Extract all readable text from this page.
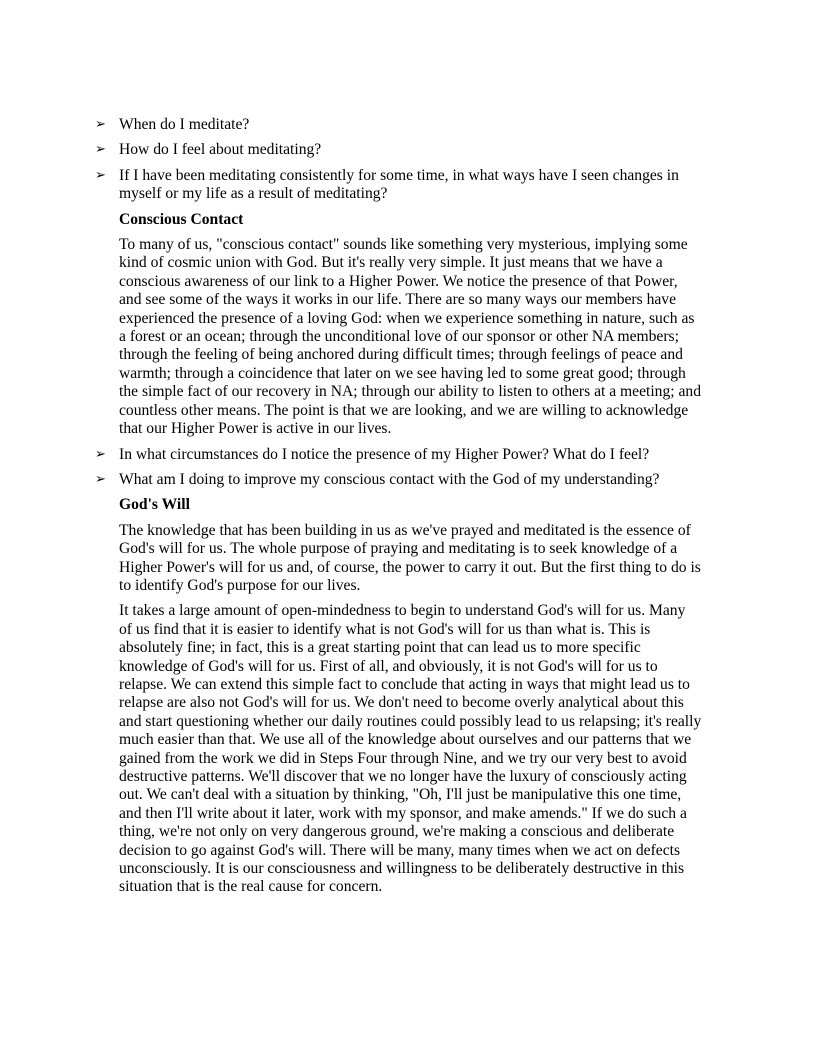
➢ When do I meditate?
➢ How do I feel about meditating?
➢ If I have been meditating consistently for some time, in what ways have I seen changes in myself or my life as a result of meditating?
Conscious Contact
To many of us, "conscious contact" sounds like something very mysterious, implying some kind of cosmic union with God. But it's really very simple. It just means that we have a conscious awareness of our link to a Higher Power. We notice the presence of that Power, and see some of the ways it works in our life. There are so many ways our members have experienced the presence of a loving God: when we experience something in nature, such as a forest or an ocean; through the unconditional love of our sponsor or other NA members; through the feeling of being anchored during difficult times; through feelings of peace and warmth; through a coincidence that later on we see having led to some great good; through the simple fact of our recovery in NA; through our ability to listen to others at a meeting; and countless other means. The point is that we are looking, and we are willing to acknowledge that our Higher Power is active in our lives.
➢ In what circumstances do I notice the presence of my Higher Power? What do I feel?
➢ What am I doing to improve my conscious contact with the God of my understanding?
God's Will
The knowledge that has been building in us as we've prayed and meditated is the essence of God's will for us. The whole purpose of praying and meditating is to seek knowledge of a Higher Power's will for us and, of course, the power to carry it out. But the first thing to do is to identify God's purpose for our lives.
It takes a large amount of open-mindedness to begin to understand God's will for us. Many of us find that it is easier to identify what is not God's will for us than what is. This is absolutely fine; in fact, this is a great starting point that can lead us to more specific knowledge of God's will for us. First of all, and obviously, it is not God's will for us to relapse. We can extend this simple fact to conclude that acting in ways that might lead us to relapse are also not God's will for us. We don't need to become overly analytical about this and start questioning whether our daily routines could possibly lead to us relapsing; it's really much easier than that. We use all of the knowledge about ourselves and our patterns that we gained from the work we did in Steps Four through Nine, and we try our very best to avoid destructive patterns. We'll discover that we no longer have the luxury of consciously acting out. We can't deal with a situation by thinking, "Oh, I'll just be manipulative this one time, and then I'll write about it later, work with my sponsor, and make amends." If we do such a thing, we're not only on very dangerous ground, we're making a conscious and deliberate decision to go against God's will. There will be many, many times when we act on defects unconsciously. It is our consciousness and willingness to be deliberately destructive in this situation that is the real cause for concern.
